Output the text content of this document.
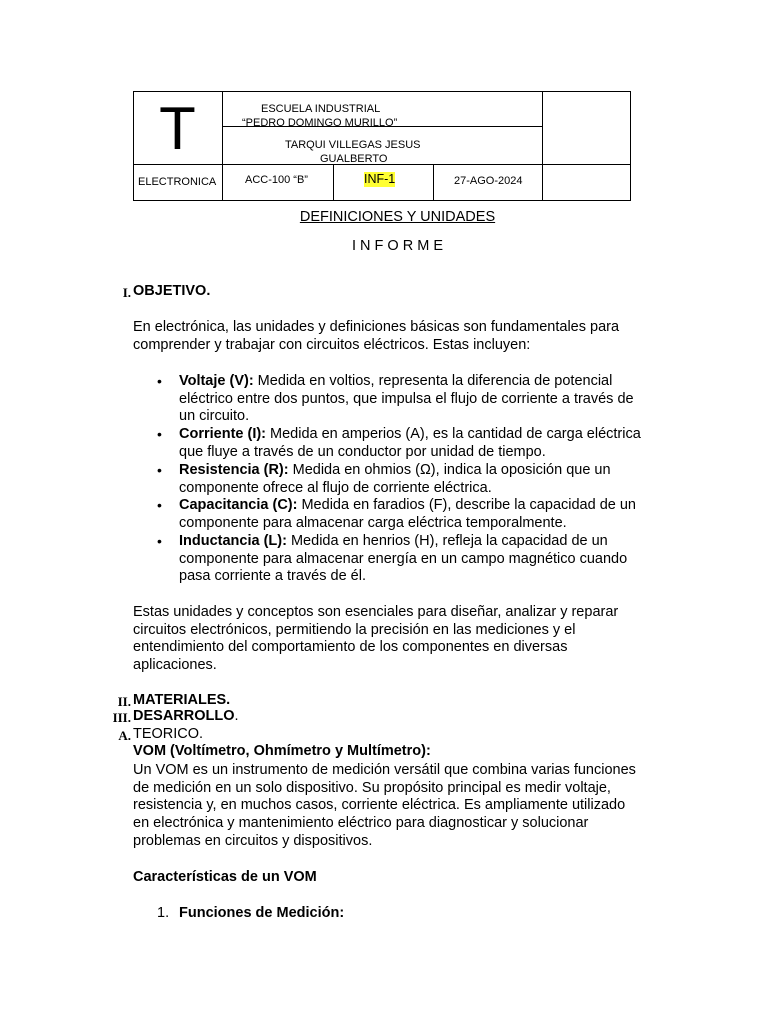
T	ESCUELA INDUSTRIAL
“PEDRO DOMINGO MURILLO”
TARQUI VILLEGAS JESUS
GUALBERTO
ELECTRONICA	ACC-100 “B”	INF-1	27-AGO-2024
DEFINICIONES Y UNIDADES
I N F O R M E
I. OBJETIVO.
En electrónica, las unidades y definiciones básicas son fundamentales para
comprender y trabajar con circuitos eléctricos. Estas incluyen:
• Voltaje (V): Medida en voltios, representa la diferencia de potencial
eléctrico entre dos puntos, que impulsa el flujo de corriente a través de
un circuito.
• Corriente (I): Medida en amperios (A), es la cantidad de carga eléctrica
que fluye a través de un conductor por unidad de tiempo.
• Resistencia (R): Medida en ohmios (Ω), indica la oposición que un
componente ofrece al flujo de corriente eléctrica.
• Capacitancia (C): Medida en faradios (F), describe la capacidad de un
componente para almacenar carga eléctrica temporalmente.
• Inductancia (L): Medida en henrios (H), refleja la capacidad de un
componente para almacenar energía en un campo magnético cuando
pasa corriente a través de él.
Estas unidades y conceptos son esenciales para diseñar, analizar y reparar
circuitos electrónicos, permitiendo la precisión en las mediciones y el
entendimiento del comportamiento de los componentes en diversas
aplicaciones.
II. MATERIALES.
III. DESARROLLO.
A. TEORICO.
VOM (Voltímetro, Ohmímetro y Multímetro):
Un VOM es un instrumento de medición versátil que combina varias funciones
de medición en un solo dispositivo. Su propósito principal es medir voltaje,
resistencia y, en muchos casos, corriente eléctrica. Es ampliamente utilizado
en electrónica y mantenimiento eléctrico para diagnosticar y solucionar
problemas en circuitos y dispositivos.
Características de un VOM
1. Funciones de Medición:
